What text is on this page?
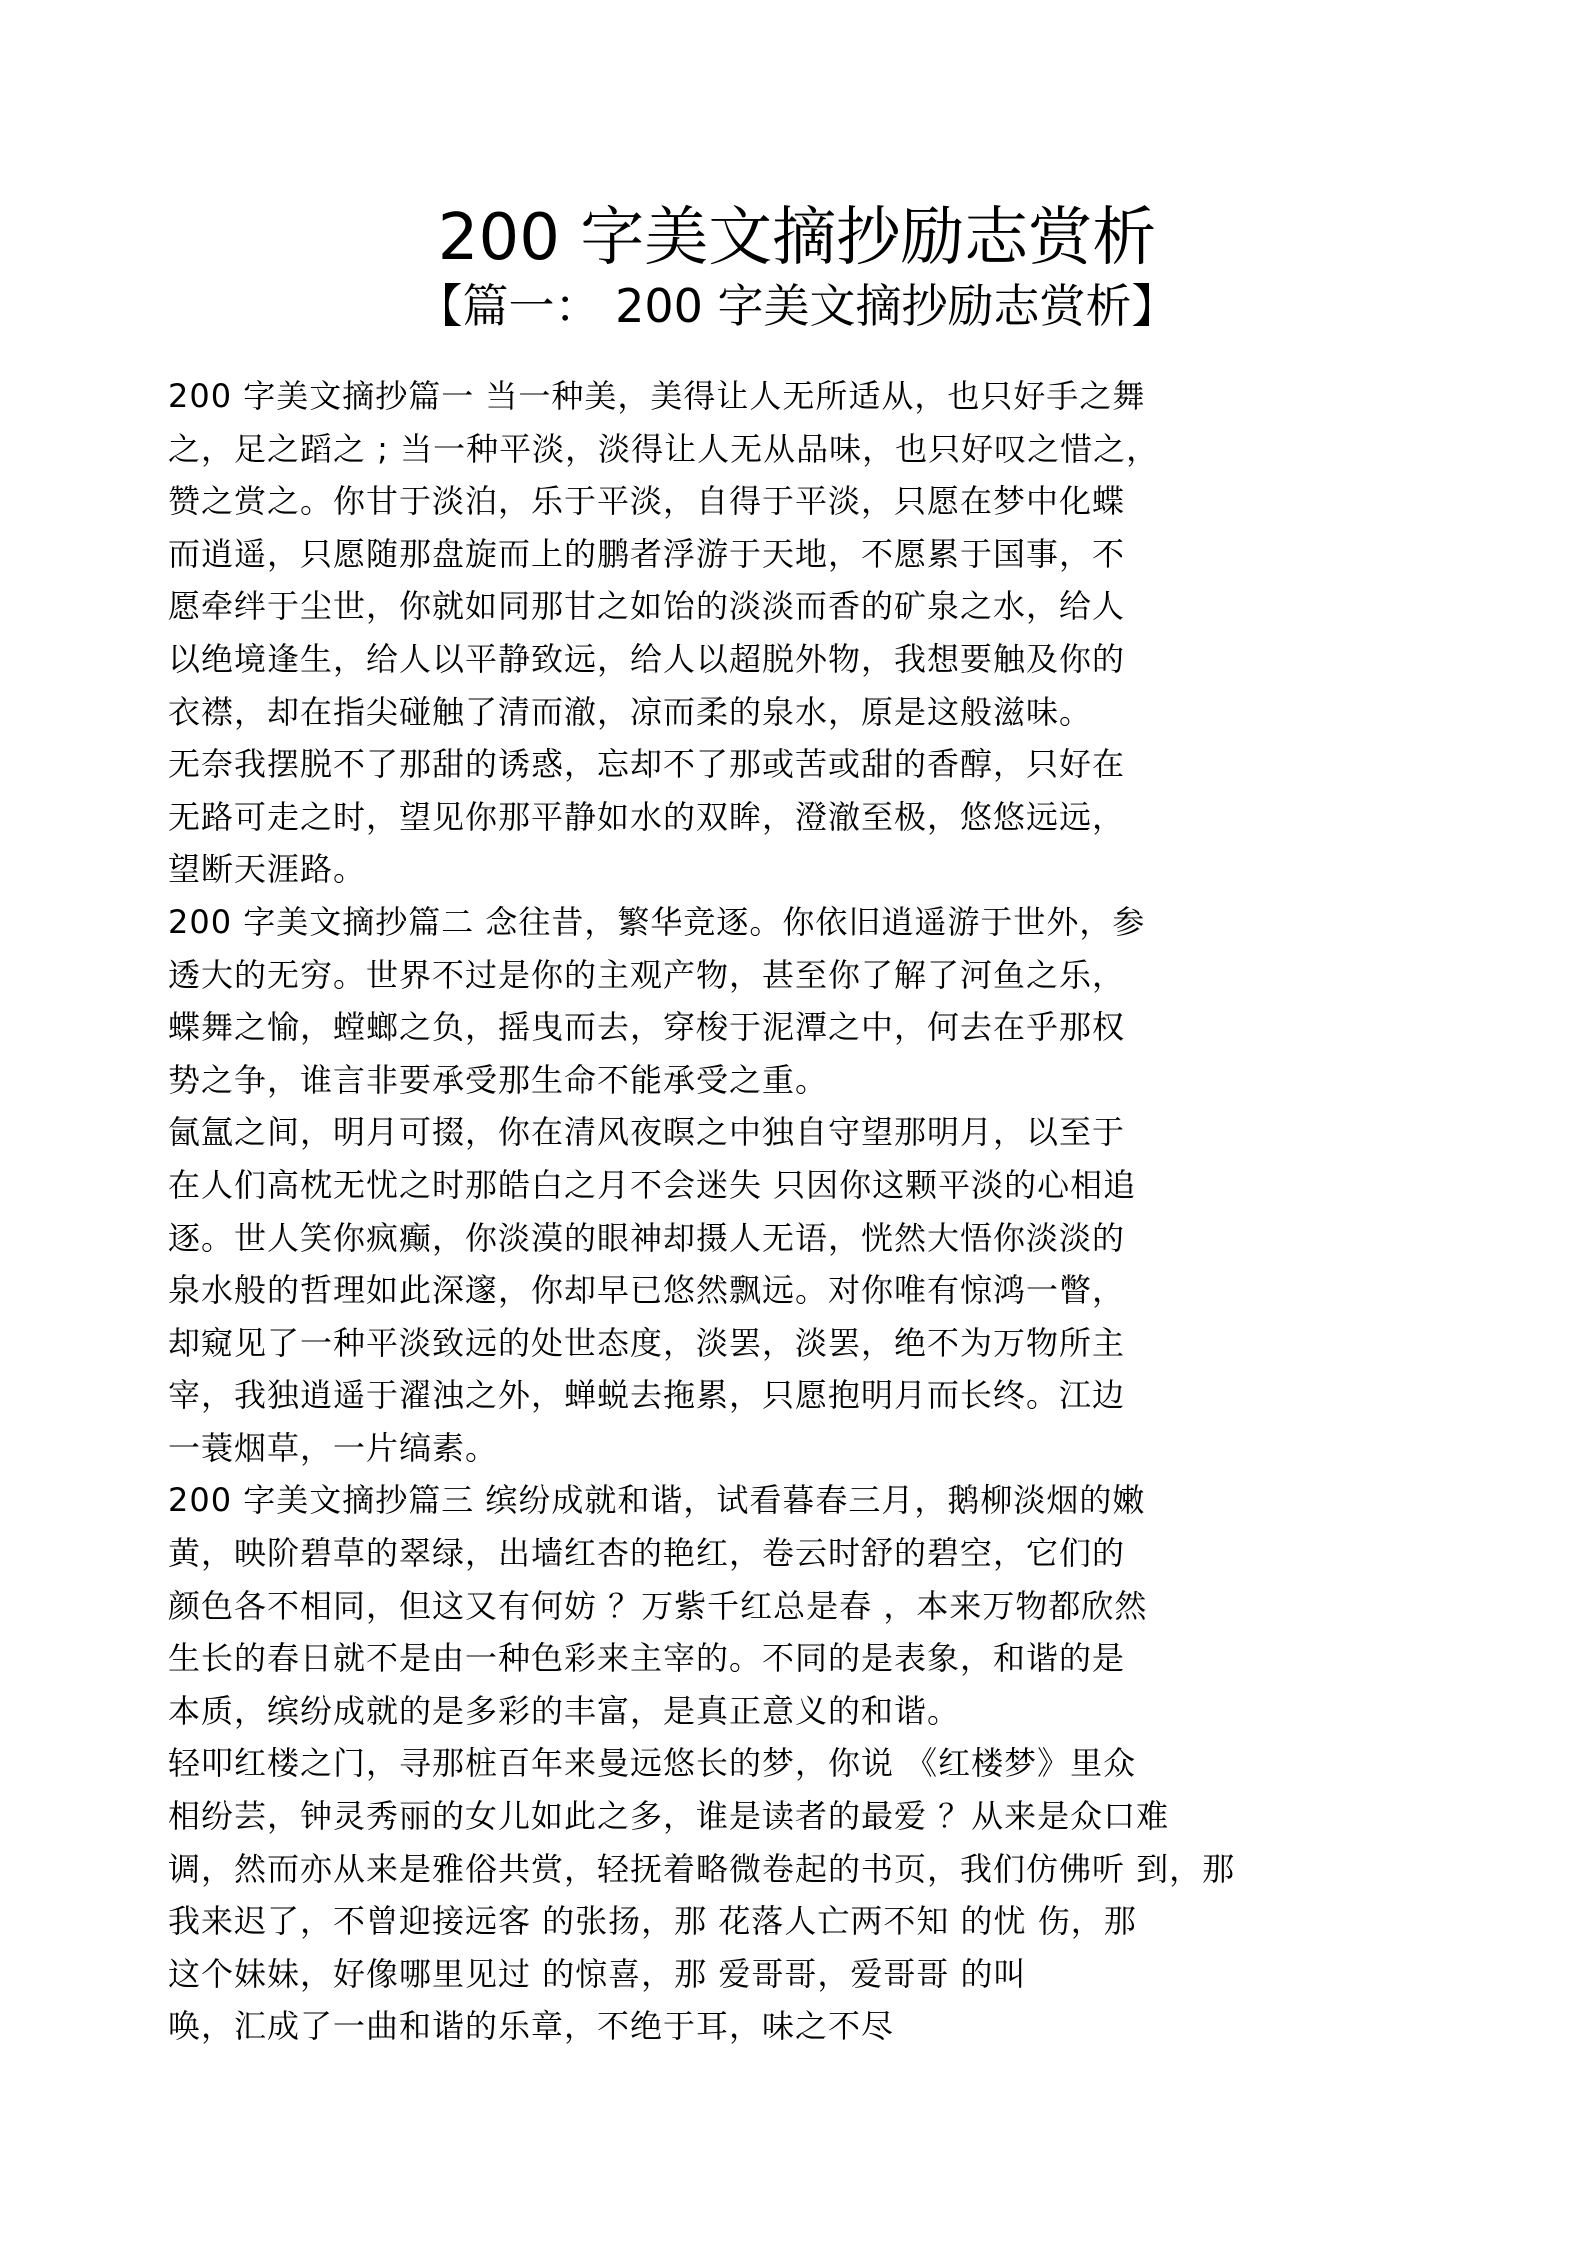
200 字美文摘抄励志赏析
【篇一： 200 字美文摘抄励志赏析】
200 字美文摘抄篇一 当一种美，美得让人无所适从，也只好手之舞
之，足之蹈之 ; 当一种平淡，淡得让人无从品味，也只好叹之惜之，
赞之赏之。你甘于淡泊，乐于平淡，自得于平淡，只愿在梦中化蝶
而逍遥，只愿随那盘旋而上的鹏者浮游于天地，不愿累于国事，不
愿牵绊于尘世，你就如同那甘之如饴的淡淡而香的矿泉之水，给人
以绝境逢生，给人以平静致远，给人以超脱外物，我想要触及你的
衣襟，却在指尖碰触了清而澈，凉而柔的泉水，原是这般滋味。
无奈我摆脱不了那甜的诱惑，忘却不了那或苦或甜的香醇，只好在
无路可走之时，望见你那平静如水的双眸，澄澈至极，悠悠远远，
望断天涯路。
200 字美文摘抄篇二 念往昔，繁华竞逐。你依旧逍遥游于世外，参
透大的无穷。世界不过是你的主观产物，甚至你了解了河鱼之乐，
蝶舞之愉，螳螂之负，摇曳而去，穿梭于泥潭之中，何去在乎那权
势之争，谁言非要承受那生命不能承受之重。
氤氲之间，明月可掇，你在清风夜暝之中独自守望那明月，以至于
在人们高枕无忧之时那皓白之月不会迷失 只因你这颗平淡的心相追
逐。世人笑你疯癫，你淡漠的眼神却摄人无语，恍然大悟你淡淡的
泉水般的哲理如此深邃，你却早已悠然飘远。对你唯有惊鸿一瞥，
却窥见了一种平淡致远的处世态度，淡罢，淡罢，绝不为万物所主
宰，我独逍遥于濯浊之外，蝉蜕去拖累，只愿抱明月而长终。江边
一蓑烟草，一片缟素。
200 字美文摘抄篇三 缤纷成就和谐，试看暮春三月，鹅柳淡烟的嫩
黄，映阶碧草的翠绿，出墙红杏的艳红，卷云时舒的碧空，它们的
颜色各不相同，但这又有何妨 ？万紫千红总是春 ，本来万物都欣然
生长的春日就不是由一种色彩来主宰的。不同的是表象，和谐的是
本质，缤纷成就的是多彩的丰富，是真正意义的和谐。
轻叩红楼之门，寻那桩百年来曼远悠长的梦，你说 《红楼梦》里众
相纷芸，钟灵秀丽的女儿如此之多，谁是读者的最爱 ？从来是众口难
调，然而亦从来是雅俗共赏，轻抚着略微卷起的书页，我们仿佛听 到，那
我来迟了，不曾迎接远客 的张扬，那 花落人亡两不知 的忧 伤，那
这个妹妹，好像哪里见过 的惊喜，那 爱哥哥，爱哥哥 的叫
唤，汇成了一曲和谐的乐章，不绝于耳，味之不尽
